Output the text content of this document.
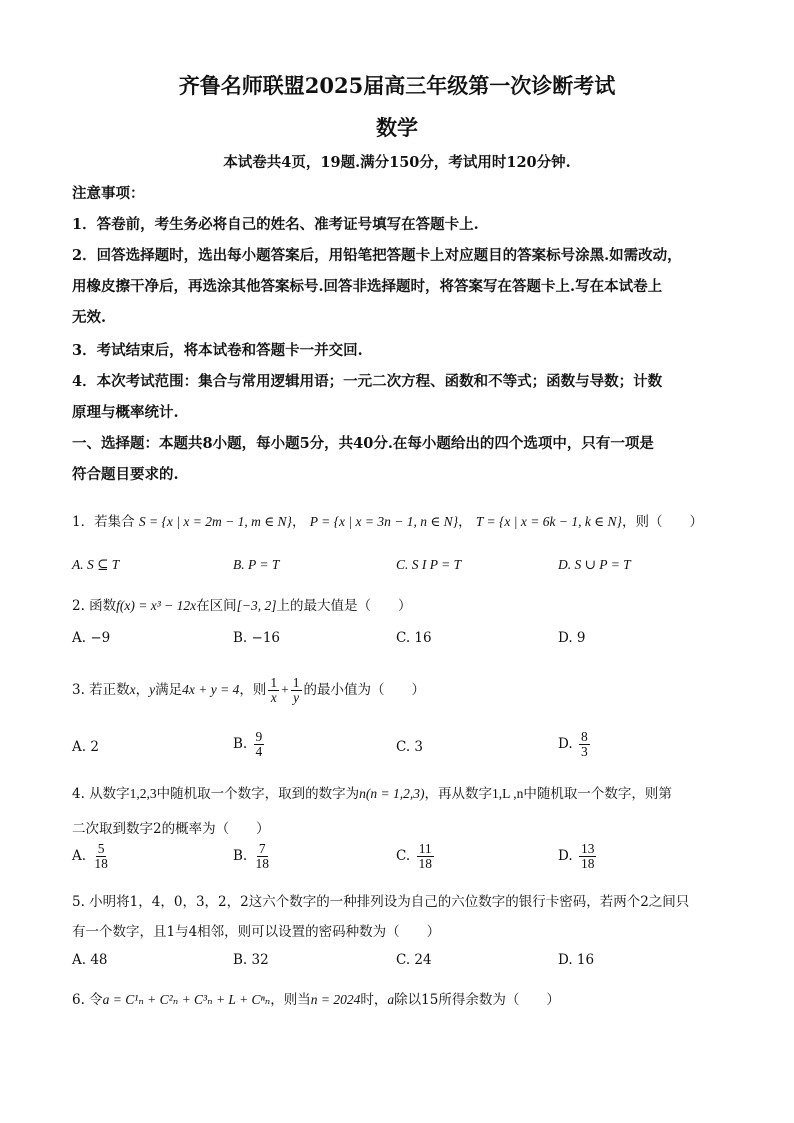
齐鲁名师联盟2025届高三年级第一次诊断考试
数学
本试卷共4页，19题.满分150分，考试用时120分钟.
注意事项：
1．答卷前，考生务必将自己的姓名、准考证号填写在答题卡上.
2．回答选择题时，选出每小题答案后，用铅笔把答题卡上对应题目的答案标号涂黑.如需改动，
用橡皮擦干净后，再选涂其他答案标号.回答非选择题时，将答案写在答题卡上.写在本试卷上
无效.
3．考试结束后，将本试卷和答题卡一并交回.
4．本次考试范围：集合与常用逻辑用语；一元二次方程、函数和不等式；函数与导数；计数
原理与概率统计.
一、选择题：本题共8小题，每小题5分，共40分.在每小题给出的四个选项中，只有一项是
符合题目要求的.
1．若集合 S = {x | x = 2m − 1, m ∈ N}， P = {x | x = 3n − 1, n ∈ N}， T = {x | x = 6k − 1, k ∈ N}，则（　　）
A. S ⊆ T	B. P = T	C. S I P = T	D. S ∪ P = T
2. 函数f(x) = x³ − 12x在区间[−3, 2]上的最大值是（　　）
A. −9	B. −16	C. 16	D. 9
3. 若正数x，y满足4x + y = 4，则 $\frac{1}{x} + \frac{1}{y}$ 的最小值为（　　）
A. 2	B. $\frac{9}{4}$	C. 3	D. $\frac{8}{3}$
4. 从数字1,2,3中随机取一个数字，取到的数字为n(n = 1,2,3)，再从数字1,L ,n中随机取一个数字，则第
二次取到数字2的概率为（　　）
A. $\frac{5}{18}$	B. $\frac{7}{18}$	C. $\frac{11}{18}$	D. $\frac{13}{18}$
5. 小明将1，4，0，3，2，2这六个数字的一种排列设为自己的六位数字的银行卡密码，若两个2之间只
有一个数字，且1与4相邻，则可以设置的密码种数为（　　）
A. 48	B. 32	C. 24	D. 16
6. 令a = C¹ₙ + C²ₙ + C³ₙ + L + Cⁿₙ，则当n = 2024时，a除以15所得余数为（　　）
